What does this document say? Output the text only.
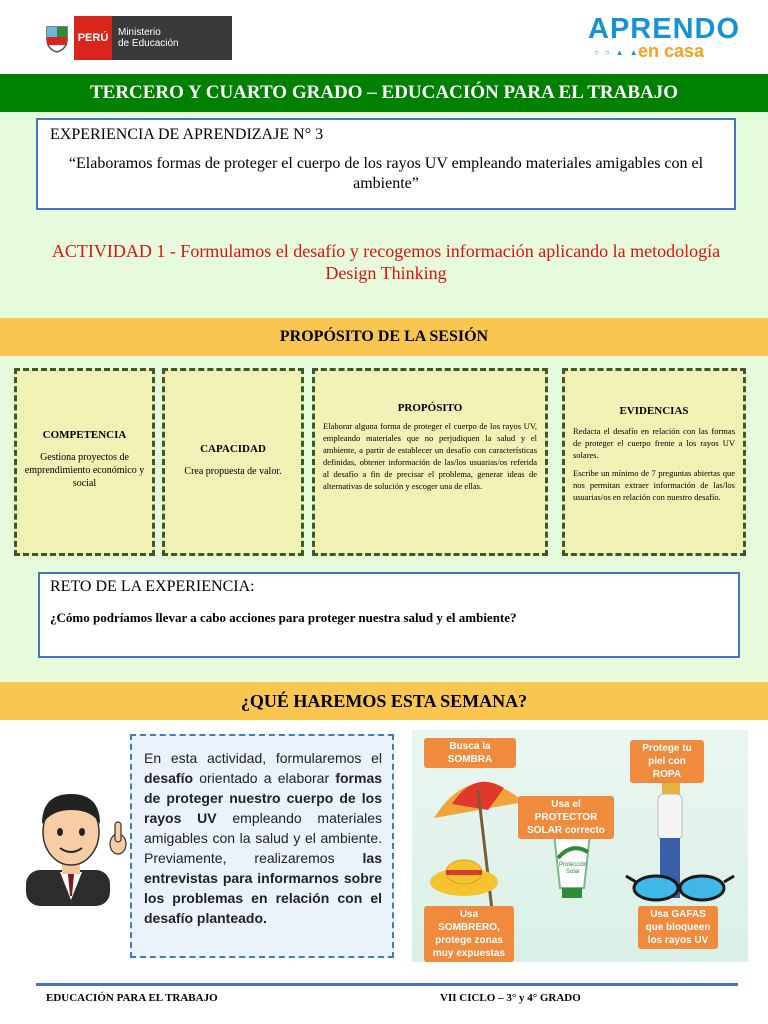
PERÚ Ministerio
de Educación	APRENDO
○ ○ ▲ ▲
en casa
TERCERO Y CUARTO GRADO – EDUCACIÓN PARA EL TRABAJO
EXPERIENCIA DE APRENDIZAJE N° 3
“Elaboramos formas de proteger el cuerpo de los rayos UV empleando materiales amigables con el ambiente”
ACTIVIDAD 1 - Formulamos el desafío y recogemos información aplicando la metodología Design Thinking
PROPÓSITO DE LA SESIÓN
COMPETENCIA
Gestiona proyectos de emprendimiento económico y social
CAPACIDAD
Crea propuesta de valor.
PROPÓSITO
Elaborar alguna forma de proteger el cuerpo de los rayos UV, empleando materiales que no perjudiquen la salud y el ambiente, a partir de establecer un desafío con características definidas, obtener información de las/los usuarias/os referida al desafío a fin de precisar el problema, generar ideas de alternativas de solución y escoger una de ellas.
EVIDENCIAS
Redacta el desafío en relación con las formas de proteger el cuerpo frente a los rayos UV solares.
Escribe un mínimo de 7 preguntas abiertas que nos permitan extraer información de las/los usuarias/os en relación con nuestro desafío.
RETO DE LA EXPERIENCIA:
¿Cómo podríamos llevar a cabo acciones para proteger nuestra salud y el ambiente?
¿QUÉ HAREMOS ESTA SEMANA?
En esta actividad, formularemos el desafío orientado a elaborar formas de proteger nuestro cuerpo de los rayos UV empleando materiales amigables con la salud y el ambiente. Previamente, realizaremos las entrevistas para informarnos sobre los problemas en relación con el desafío planteado.
Protección Solar
Busca la SOMBRA
Protege tu piel con ROPA
Usa el PROTECTOR SOLAR correcto
Usa SOMBRERO, protege zonas muy expuestas
Usa GAFAS que bloqueen los rayos UV
EDUCACIÓN PARA EL TRABAJO	VII CICLO – 3° y 4° GRADO
